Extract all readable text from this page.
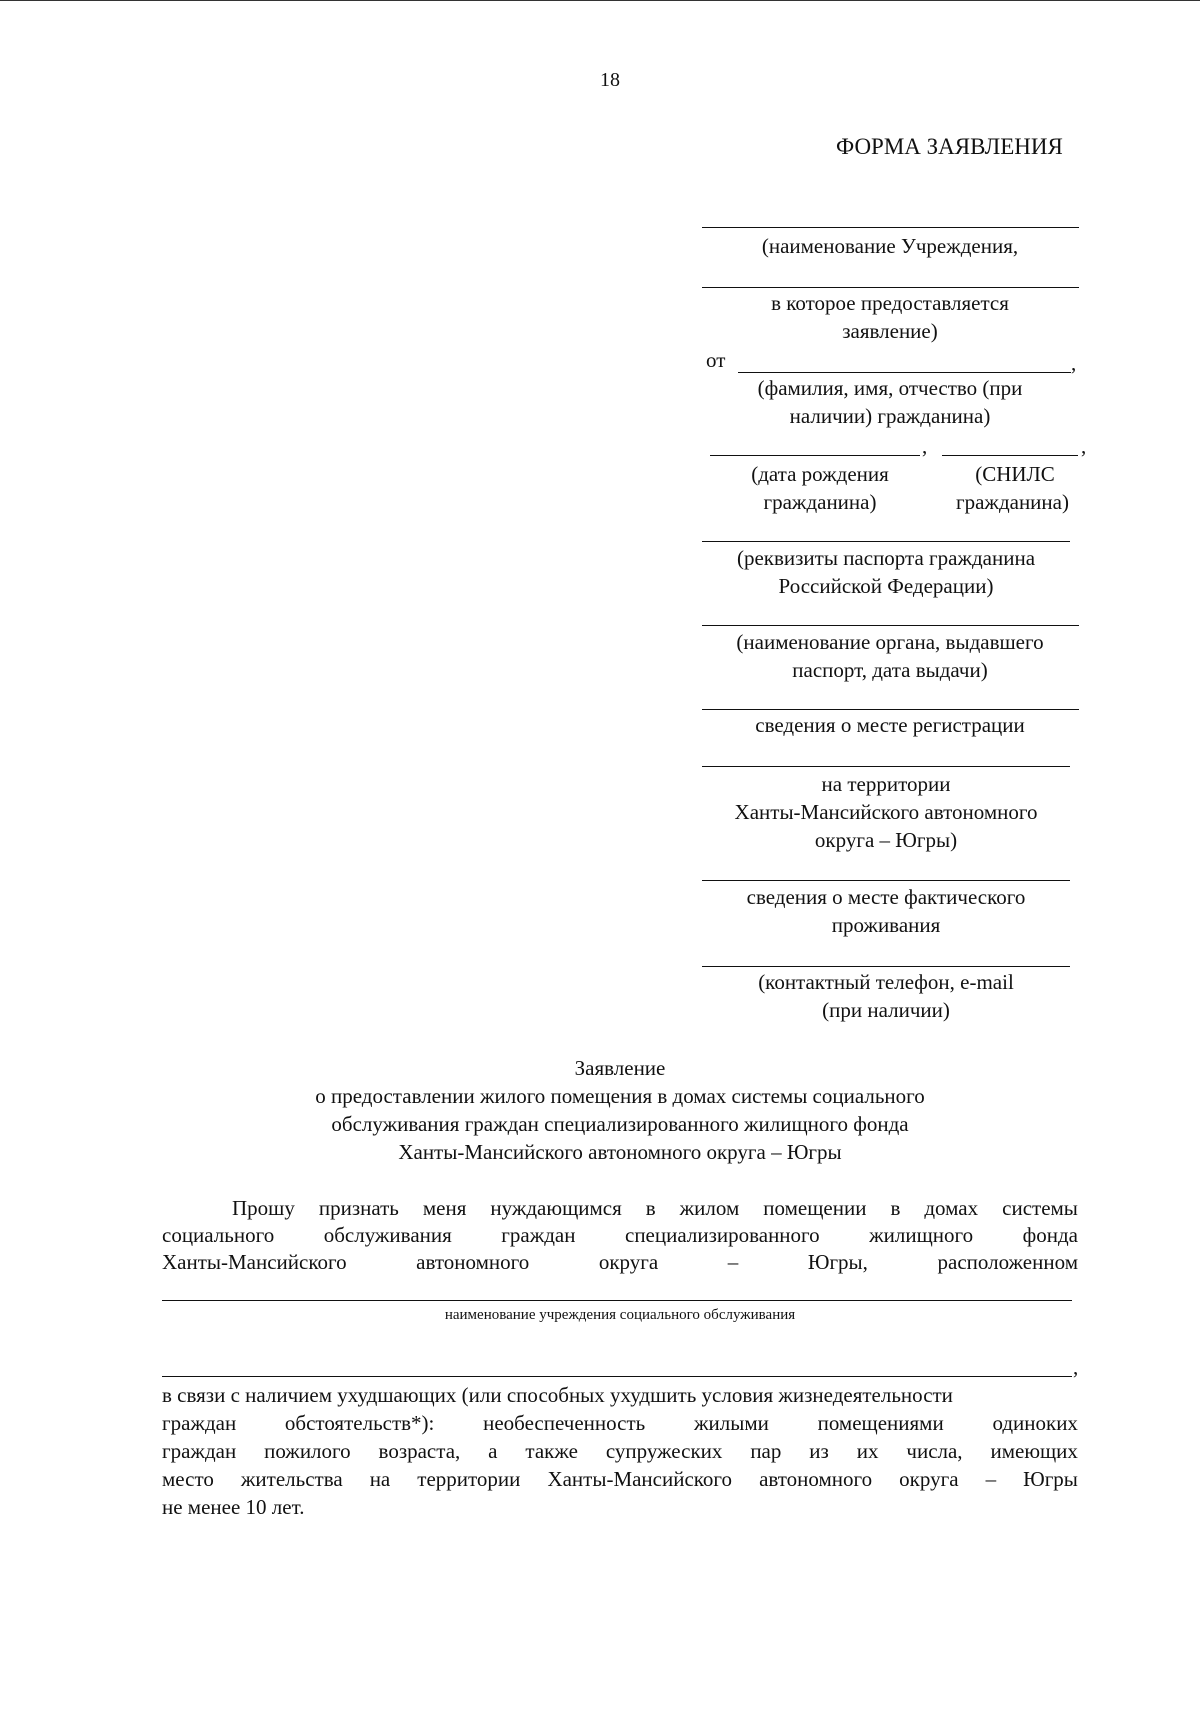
18
ФОРМА ЗАЯВЛЕНИЯ
(наименование Учреждения,
в которое предоставляется
заявление)
от	,
(фамилия, имя, отчество (при
наличии) гражданина)
,	,
(дата рождения
гражданина)
(СНИЛС
гражданина)
(реквизиты паспорта гражданина
Российской Федерации)
(наименование органа, выдавшего
паспорт, дата выдачи)
сведения о месте регистрации
на территории
Ханты-Мансийского автономного
округа – Югры)
сведения о месте фактического
проживания
(контактный телефон, e-mail
(при наличии)
Заявление
о предоставлении жилого помещения в домах системы социального
обслуживания граждан специализированного жилищного фонда
Ханты-Мансийского автономного округа – Югры
Прошу признать меня нуждающимся в жилом помещении в домах системы
социального обслуживания граждан специализированного жилищного фонда
Ханты-Мансийского	автономного	округа	–	Югры,	расположенном
наименование учреждения социального обслуживания
,
в связи с наличием ухудшающих (или способных ухудшить условия жизнедеятельности
граждан обстоятельств*): необеспеченность жилыми помещениями одиноких
граждан пожилого возраста, а также супружеских пар из их числа, имеющих
место жительства на территории Ханты-Мансийского автономного округа – Югры
не менее 10 лет.
